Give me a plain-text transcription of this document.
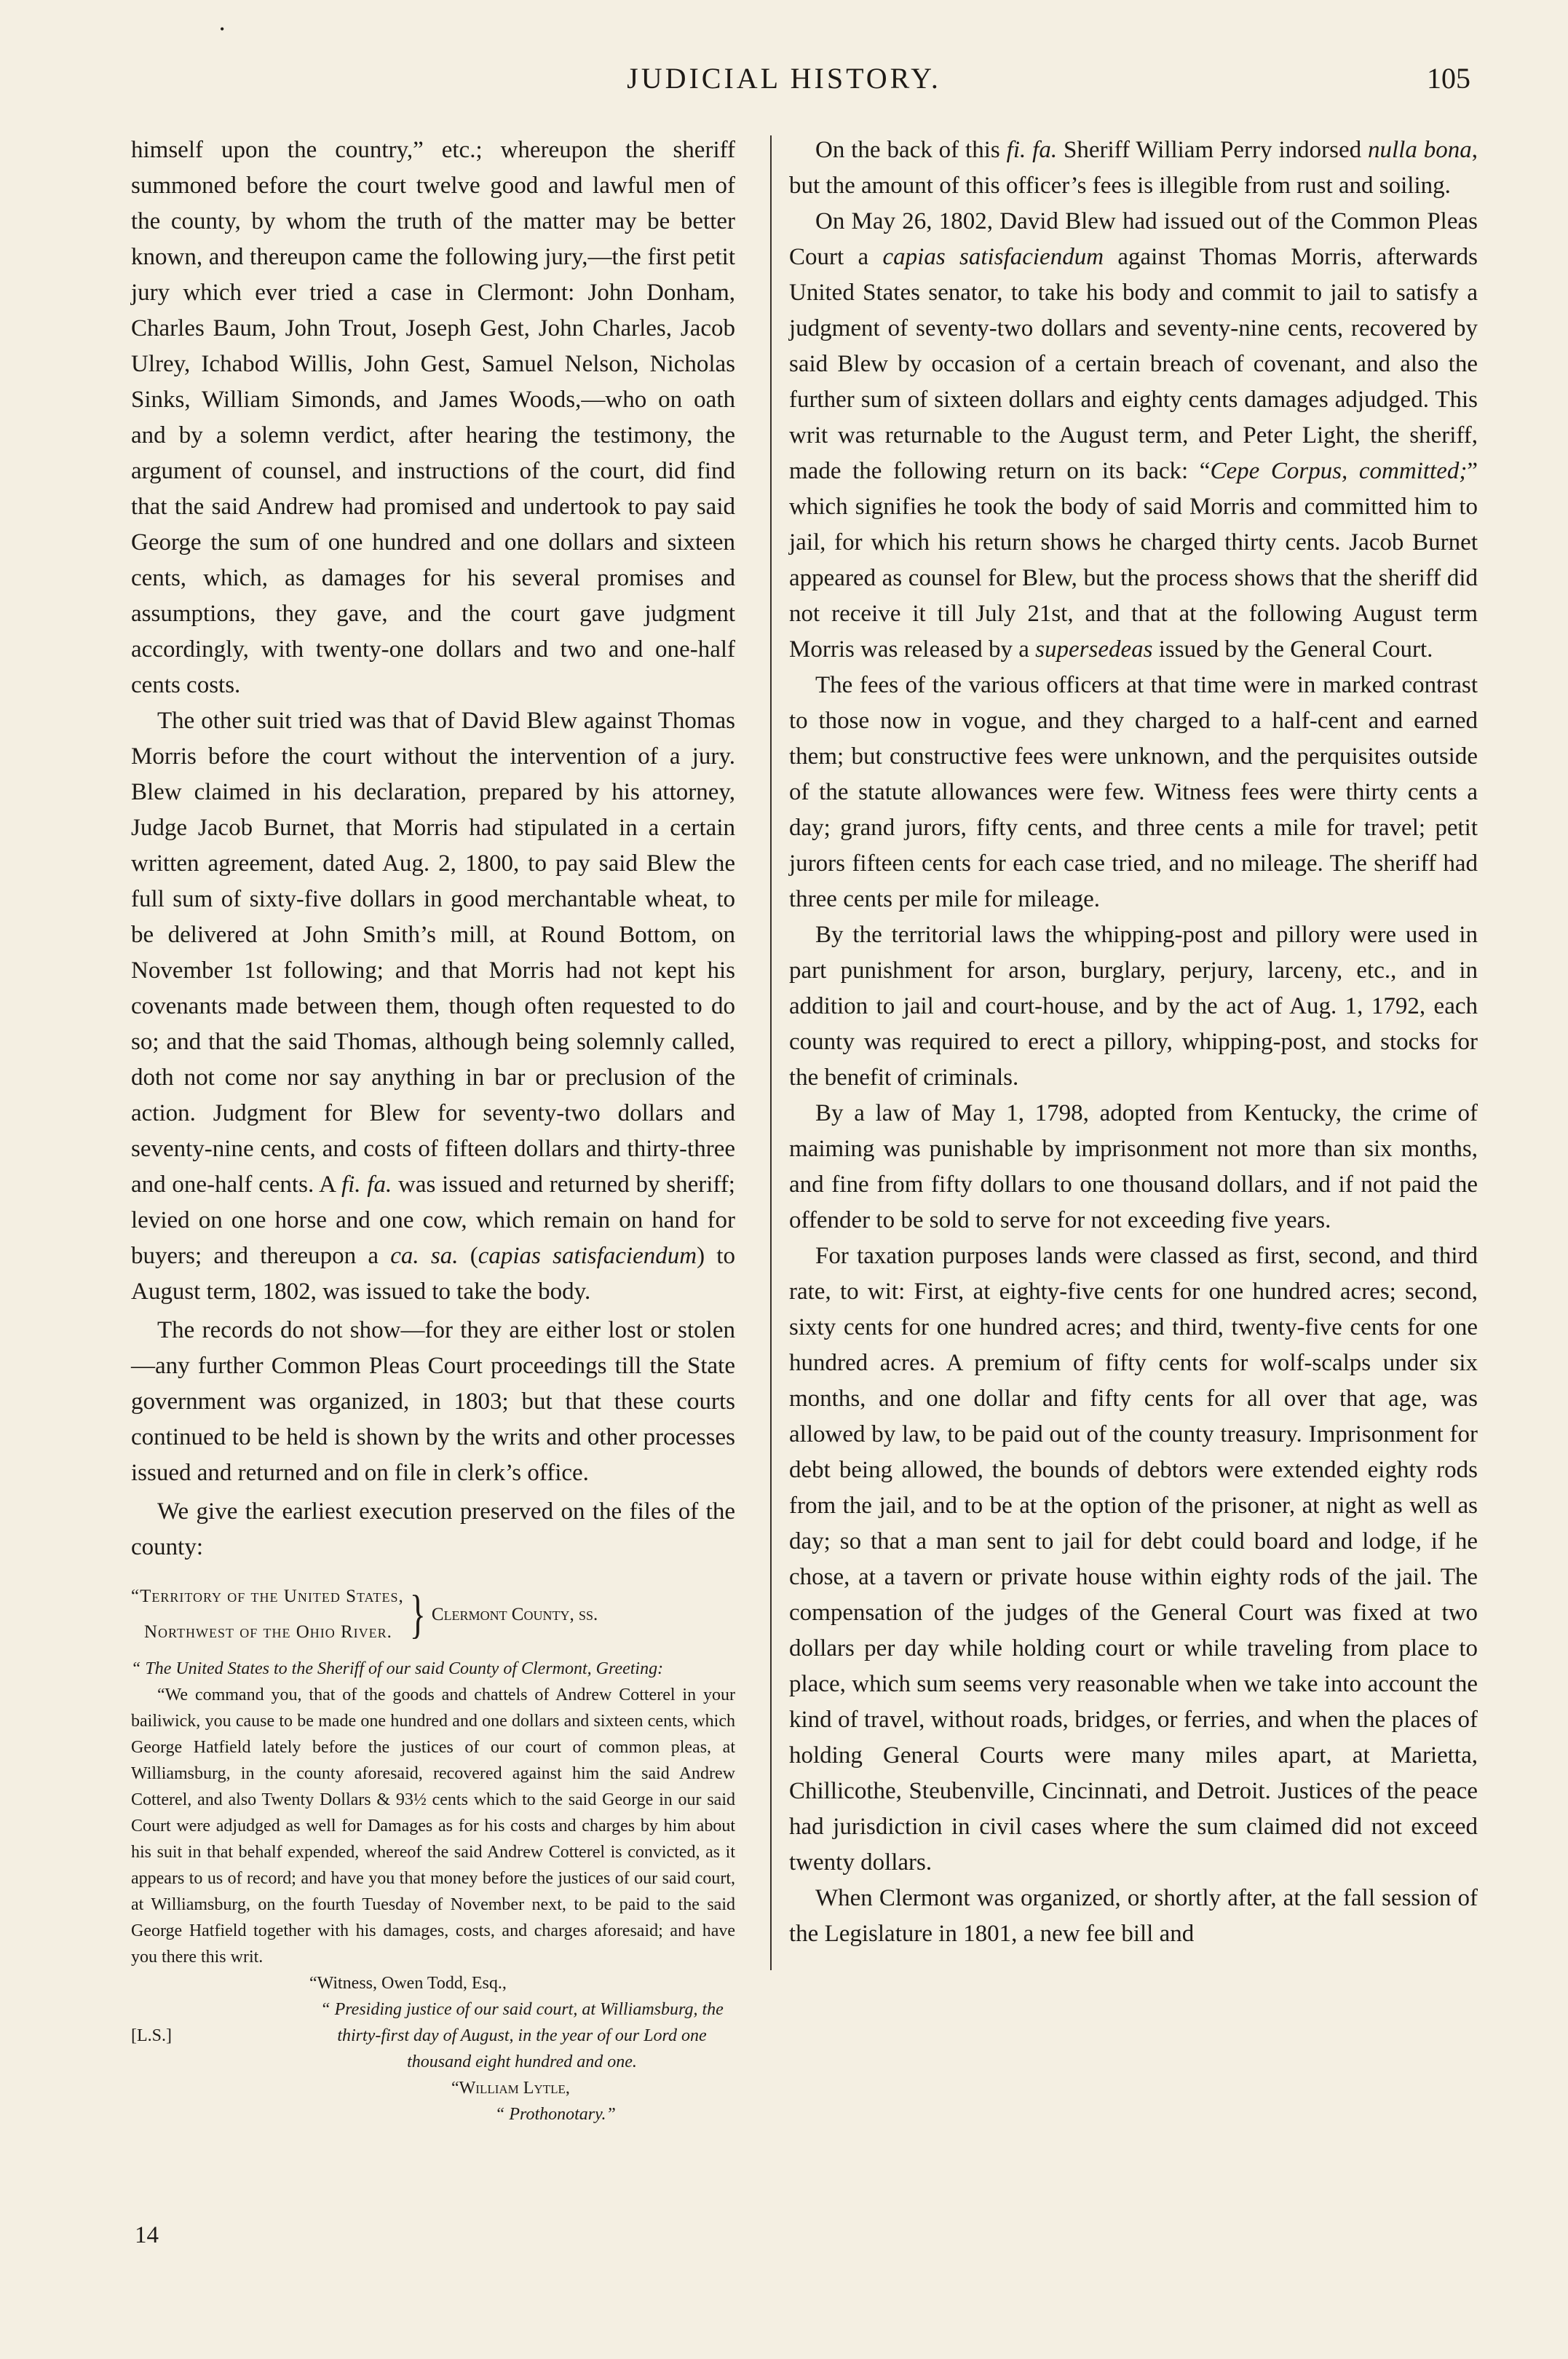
•
JUDICIAL HISTORY.	105

himself upon the country,” etc.; whereupon the sheriff summoned before the court twelve good and lawful men of the county, by whom the truth of the matter may be better known, and thereupon came the following jury,—the first petit jury which ever tried a case in Clermont: John Donham, Charles Baum, John Trout, Joseph Gest, John Charles, Jacob Ulrey, Ichabod Willis, John Gest, Samuel Nelson, Nicholas Sinks, William Simonds, and James Woods,—who on oath and by a solemn verdict, after hearing the testimony, the argument of counsel, and instructions of the court, did find that the said Andrew had promised and undertook to pay said George the sum of one hundred and one dollars and sixteen cents, which, as damages for his several promises and assumptions, they gave, and the court gave judgment accordingly, with twenty-one dollars and two and one-half cents costs.

The other suit tried was that of David Blew against Thomas Morris before the court without the intervention of a jury. Blew claimed in his declaration, prepared by his attorney, Judge Jacob Burnet, that Morris had stipulated in a certain written agreement, dated Aug. 2, 1800, to pay said Blew the full sum of sixty-five dollars in good merchantable wheat, to be delivered at John Smith’s mill, at Round Bottom, on November 1st following; and that Morris had not kept his covenants made between them, though often requested to do so; and that the said Thomas, although being solemnly called, doth not come nor say anything in bar or preclusion of the action. Judgment for Blew for seventy-two dollars and seventy-nine cents, and costs of fifteen dollars and thirty-three and one-half cents. A fi. fa. was issued and returned by sheriff; levied on one horse and one cow, which remain on hand for buyers; and thereupon a ca. sa. (capias satisfaciendum) to August term, 1802, was issued to take the body.

The records do not show—for they are either lost or stolen—any further Common Pleas Court proceedings till the State government was organized, in 1803; but that these courts continued to be held is shown by the writs and other processes issued and returned and on file in clerk’s office.

We give the earliest execution preserved on the files of the county:

“Territory of the United States,
Northwest of the Ohio River. } Clermont County, ss.

“ The United States to the Sheriff of our said County of Clermont, Greeting:

“We command you, that of the goods and chattels of Andrew Cotterel in your bailiwick, you cause to be made one hundred and one dollars and sixteen cents, which George Hatfield lately before the justices of our court of common pleas, at Williamsburg, in the county aforesaid, recovered against him the said Andrew Cotterel, and also Twenty Dollars & 93½ cents which to the said George in our said Court were adjudged as well for Damages as for his costs and charges by him about his suit in that behalf expended, whereof the said Andrew Cotterel is convicted, as it appears to us of record; and have you that money before the justices of our said court, at Williamsburg, on the fourth Tuesday of November next, to be paid to the said George Hatfield together with his damages, costs, and charges aforesaid; and have you there this writ.

“Witness, Owen Todd, Esq.,

[L.S.]

“ Presiding justice of our said court, at Williamsburg, the thirty-first day of August, in the year of our Lord one thousand eight hundred and one.

“William Lytle,

“ Prothonotary.”

On the back of this fi. fa. Sheriff William Perry indorsed nulla bona, but the amount of this officer’s fees is illegible from rust and soiling.

On May 26, 1802, David Blew had issued out of the Common Pleas Court a capias satisfaciendum against Thomas Morris, afterwards United States senator, to take his body and commit to jail to satisfy a judgment of seventy-two dollars and seventy-nine cents, recovered by said Blew by occasion of a certain breach of covenant, and also the further sum of sixteen dollars and eighty cents damages adjudged. This writ was returnable to the August term, and Peter Light, the sheriff, made the following return on its back: “Cepe Corpus, committed;” which signifies he took the body of said Morris and committed him to jail, for which his return shows he charged thirty cents. Jacob Burnet appeared as counsel for Blew, but the process shows that the sheriff did not receive it till July 21st, and that at the following August term Morris was released by a supersedeas issued by the General Court.

The fees of the various officers at that time were in marked contrast to those now in vogue, and they charged to a half-cent and earned them; but constructive fees were unknown, and the perquisites outside of the statute allowances were few. Witness fees were thirty cents a day; grand jurors, fifty cents, and three cents a mile for travel; petit jurors fifteen cents for each case tried, and no mileage. The sheriff had three cents per mile for mileage.

By the territorial laws the whipping-post and pillory were used in part punishment for arson, burglary, perjury, larceny, etc., and in addition to jail and court-house, and by the act of Aug. 1, 1792, each county was required to erect a pillory, whipping-post, and stocks for the benefit of criminals.

By a law of May 1, 1798, adopted from Kentucky, the crime of maiming was punishable by imprisonment not more than six months, and fine from fifty dollars to one thousand dollars, and if not paid the offender to be sold to serve for not exceeding five years.

For taxation purposes lands were classed as first, second, and third rate, to wit: First, at eighty-five cents for one hundred acres; second, sixty cents for one hundred acres; and third, twenty-five cents for one hundred acres. A premium of fifty cents for wolf-scalps under six months, and one dollar and fifty cents for all over that age, was allowed by law, to be paid out of the county treasury. Imprisonment for debt being allowed, the bounds of debtors were extended eighty rods from the jail, and to be at the option of the prisoner, at night as well as day; so that a man sent to jail for debt could board and lodge, if he chose, at a tavern or private house within eighty rods of the jail. The compensation of the judges of the General Court was fixed at two dollars per day while holding court or while traveling from place to place, which sum seems very reasonable when we take into account the kind of travel, without roads, bridges, or ferries, and when the places of holding General Courts were many miles apart, at Marietta, Chillicothe, Steubenville, Cincinnati, and Detroit. Justices of the peace had jurisdiction in civil cases where the sum claimed did not exceed twenty dollars.

When Clermont was organized, or shortly after, at the fall session of the Legislature in 1801, a new fee bill and

14
